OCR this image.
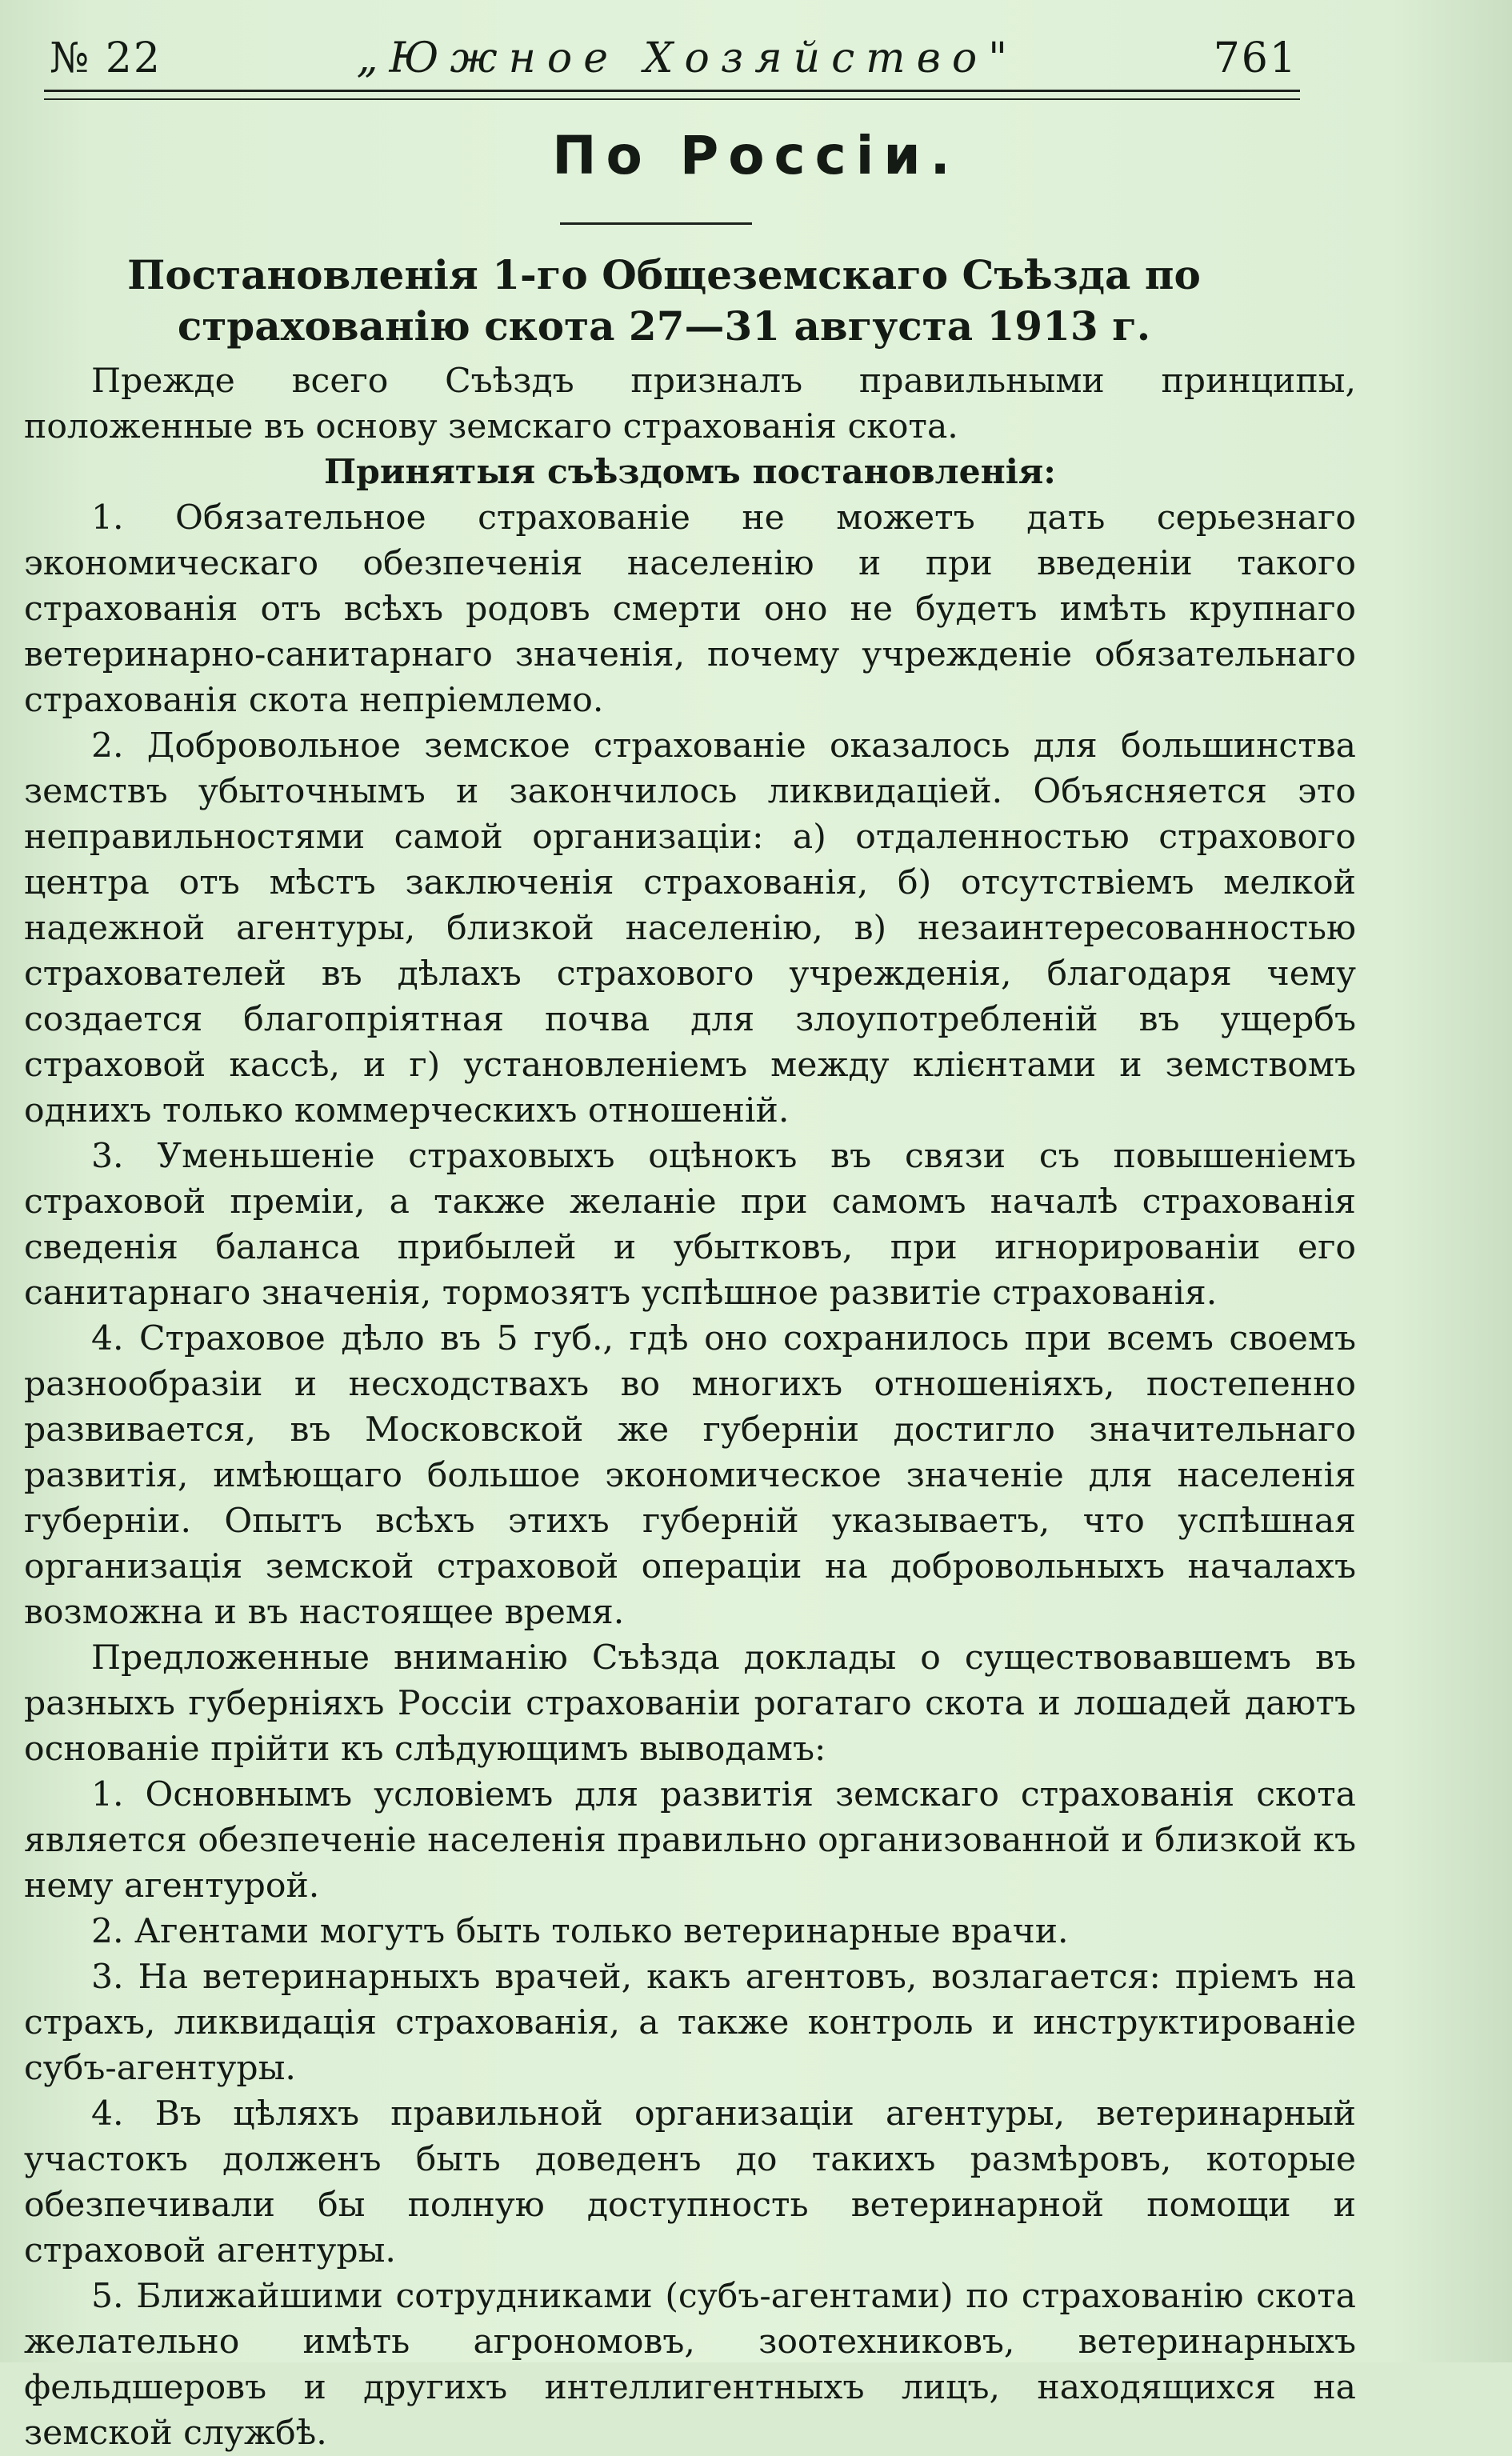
№ 22	„Южное Хозяйство"	761
По Россіи.
Постановленія 1-го Общеземскаго Съѣзда по страхованію скота 27—31 августа 1913 г.

Прежде всего Съѣздъ призналъ правильными принципы, положенные въ основу земскаго страхованія скота.

Принятыя съѣздомъ постановленія:

1. Обязательное страхованіе не можетъ дать серьезнаго экономическаго обезпеченія населенію и при введеніи такого страхованія отъ всѣхъ родовъ смерти оно не будетъ имѣть крупнаго ветеринарно-санитарнаго значенія, почему учрежденіе обязательнаго страхованія скота непріемлемо.

2. Добровольное земское страхованіе оказалось для большинства земствъ убыточнымъ и закончилось ликвидаціей. Объясняется это неправильностями самой организаціи: а) отдаленностью страхового центра отъ мѣстъ заключенія страхованія, б) отсутствіемъ мелкой надежной агентуры, близкой населенію, в) незаинтересованностью страхователей въ дѣлахъ страхового учрежденія, благодаря чему создается благопріятная почва для злоупотребленій въ ущербъ страховой кассѣ, и г) установленіемъ между клієнтами и земствомъ однихъ только коммерческихъ отношеній.

3. Уменьшеніе страховыхъ оцѣнокъ въ связи съ повышеніемъ страховой преміи, а также желаніе при самомъ началѣ страхованія сведенія баланса прибылей и убытковъ, при игнорированіи его санитарнаго значенія, тормозятъ успѣшное развитіе страхованія.

4. Страховое дѣло въ 5 губ., гдѣ оно сохранилось при всемъ своемъ разнообразіи и несходствахъ во многихъ отношеніяхъ, постепенно развивается, въ Московской же губерніи достигло значительнаго развитія, имѣющаго большое экономическое значеніе для населенія губерніи. Опытъ всѣхъ этихъ губерній указываетъ, что успѣшная организація земской страховой операціи на добровольныхъ началахъ возможна и въ настоящее время.

Предложенные вниманію Съѣзда доклады о существовавшемъ въ разныхъ губерніяхъ Россіи страхованіи рогатаго скота и лошадей даютъ основаніе прійти къ слѣдующимъ выводамъ:

1. Основнымъ условіемъ для развитія земскаго страхованія скота является обезпеченіе населенія правильно организованной и близкой къ нему агентурой.

2. Агентами могутъ быть только ветеринарные врачи.

3. На ветеринарныхъ врачей, какъ агентовъ, возлагается: пріемъ на страхъ, ликвидація страхованія, а также контроль и инструктированіе субъ-агентуры.

4. Въ цѣляхъ правильной организаціи агентуры, ветеринарный участокъ долженъ быть доведенъ до такихъ размѣровъ, которые обезпечивали бы полную доступность ветеринарной помощи и страховой агентуры.

5. Ближайшими сотрудниками (субъ-агентами) по страхованію скота желательно имѣть агрономовъ, зоотехниковъ, ветеринарныхъ фельдшеровъ и другихъ интеллигентныхъ лицъ, находящихся на земской службѣ.
